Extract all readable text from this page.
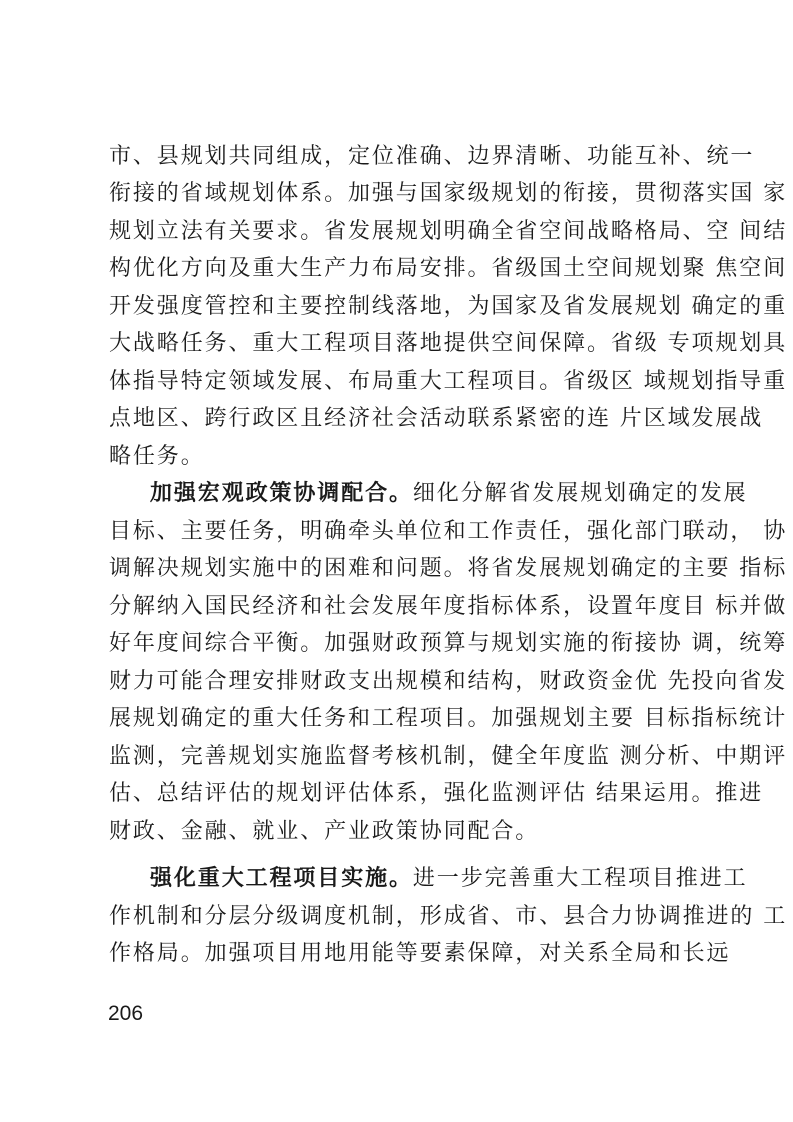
市、县规划共同组成，定位准确、边界清晰、功能互补、统一
衔接的省域规划体系。加强与国家级规划的衔接，贯彻落实国 家
规划立法有关要求。省发展规划明确全省空间战略格局、空 间结
构优化方向及重大生产力布局安排。省级国土空间规划聚 焦空间
开发强度管控和主要控制线落地，为国家及省发展规划 确定的重
大战略任务、重大工程项目落地提供空间保障。省级 专项规划具
体指导特定领域发展、布局重大工程项目。省级区 域规划指导重
点地区、跨行政区且经济社会活动联系紧密的连 片区域发展战
略任务。
加强宏观政策协调配合。细化分解省发展规划确定的发展
目标、主要任务，明确牵头单位和工作责任，强化部门联动， 协
调解决规划实施中的困难和问题。将省发展规划确定的主要 指标
分解纳入国民经济和社会发展年度指标体系，设置年度目 标并做
好年度间综合平衡。加强财政预算与规划实施的衔接协 调，统筹
财力可能合理安排财政支出规模和结构，财政资金优 先投向省发
展规划确定的重大任务和工程项目。加强规划主要 目标指标统计
监测，完善规划实施监督考核机制，健全年度监 测分析、中期评
估、总结评估的规划评估体系，强化监测评估 结果运用。推进
财政、金融、就业、产业政策协同配合。
强化重大工程项目实施。进一步完善重大工程项目推进工
作机制和分层分级调度机制，形成省、市、县合力协调推进的 工
作格局。加强项目用地用能等要素保障，对关系全局和长远
206
